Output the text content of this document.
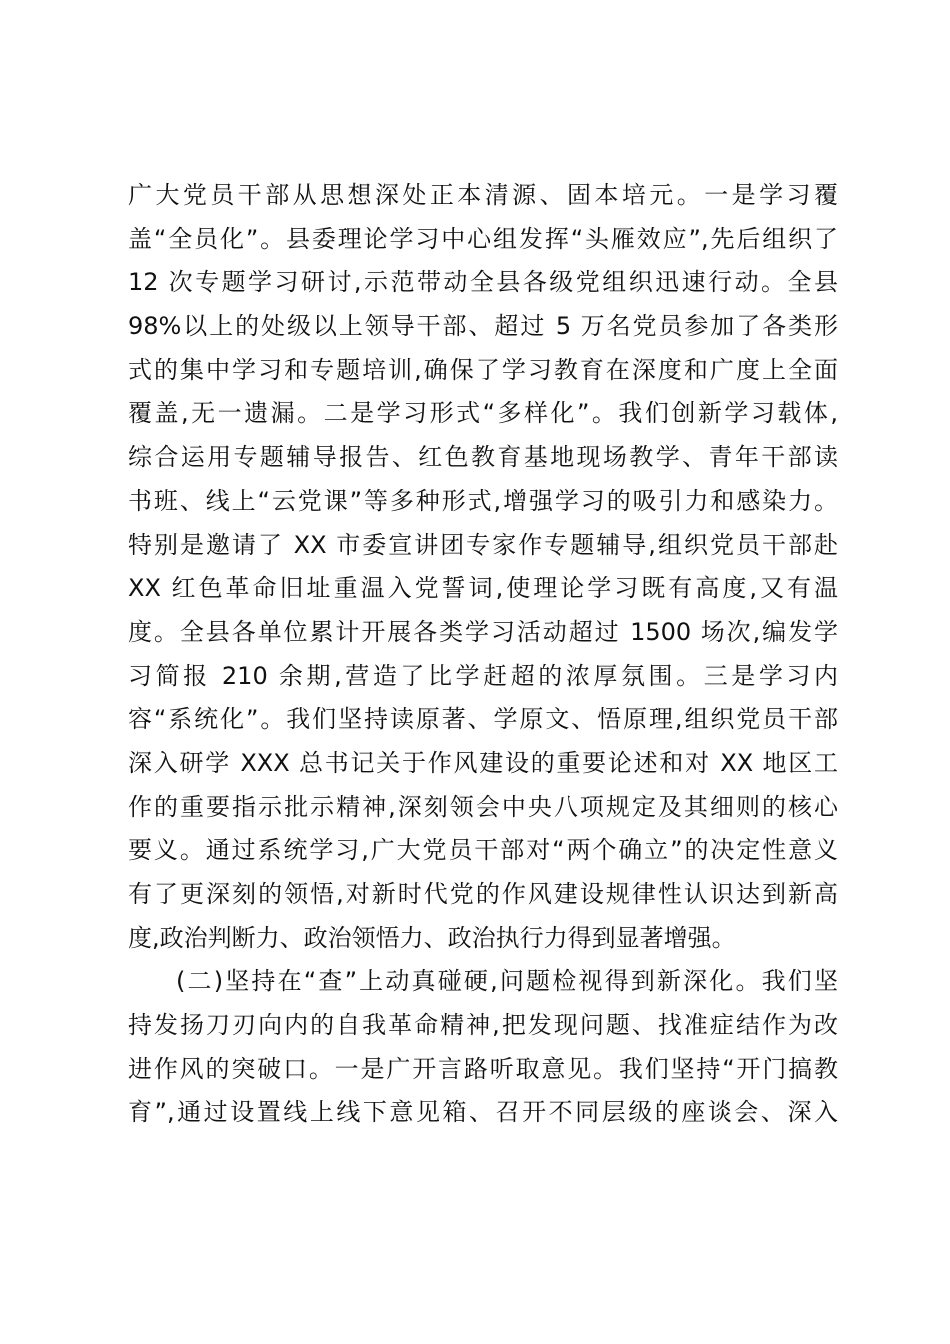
广大党员干部从思想深处正本清源、固本培元。一是学习覆
盖“全员化”。县委理论学习中心组发挥“头雁效应”,先后组织了
12 次专题学习研讨,示范带动全县各级党组织迅速行动。全县
98%以上的处级以上领导干部、超过 5 万名党员参加了各类形
式的集中学习和专题培训,确保了学习教育在深度和广度上全面
覆盖,无一遗漏。二是学习形式“多样化”。我们创新学习载体,
综合运用专题辅导报告、红色教育基地现场教学、青年干部读
书班、线上“云党课”等多种形式,增强学习的吸引力和感染力。
特别是邀请了 XX 市委宣讲团专家作专题辅导,组织党员干部赴
XX 红色革命旧址重温入党誓词,使理论学习既有高度,又有温
度。全县各单位累计开展各类学习活动超过 1500 场次,编发学
习简报 210 余期,营造了比学赶超的浓厚氛围。三是学习内
容“系统化”。我们坚持读原著、学原文、悟原理,组织党员干部
深入研学 XXX 总书记关于作风建设的重要论述和对 XX 地区工
作的重要指示批示精神,深刻领会中央八项规定及其细则的核心
要义。通过系统学习,广大党员干部对“两个确立”的决定性意义
有了更深刻的领悟,对新时代党的作风建设规律性认识达到新高
度,政治判断力、政治领悟力、政治执行力得到显著增强。
(二)坚持在“查”上动真碰硬,问题检视得到新深化。我们坚
持发扬刀刃向内的自我革命精神,把发现问题、找准症结作为改
进作风的突破口。一是广开言路听取意见。我们坚持“开门搞教
育”,通过设置线上线下意见箱、召开不同层级的座谈会、深入
